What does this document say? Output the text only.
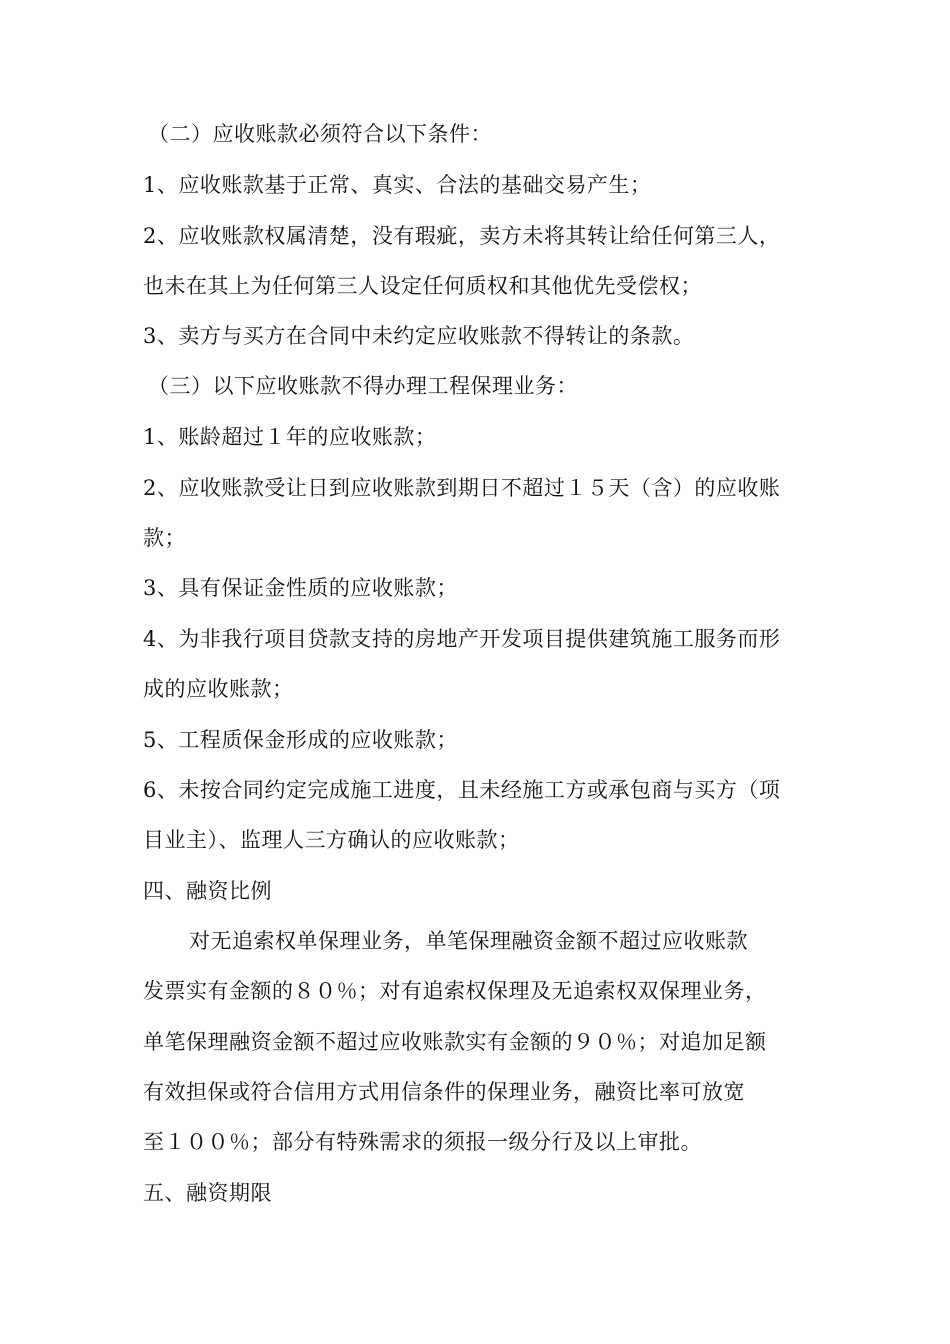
（二）应收账款必须符合以下条件：
1、应收账款基于正常、真实、合法的基础交易产生；
2、应收账款权属清楚，没有瑕疵，卖方未将其转让给任何第三人，
也未在其上为任何第三人设定任何质权和其他优先受偿权；
3、卖方与买方在合同中未约定应收账款不得转让的条款。
（三）以下应收账款不得办理工程保理业务：
1、账龄超过１年的应收账款；
2、应收账款受让日到应收账款到期日不超过１５天（含）的应收账
款；
3、具有保证金性质的应收账款；
4、为非我行项目贷款支持的房地产开发项目提供建筑施工服务而形
成的应收账款；
5、工程质保金形成的应收账款；
6、未按合同约定完成施工进度，且未经施工方或承包商与买方（项
目业主）、监理人三方确认的应收账款；
四、融资比例
对无追索权单保理业务，单笔保理融资金额不超过应收账款
发票实有金额的８０％；对有追索权保理及无追索权双保理业务，
单笔保理融资金额不超过应收账款实有金额的９０％；对追加足额
有效担保或符合信用方式用信条件的保理业务，融资比率可放宽
至１００％；部分有特殊需求的须报一级分行及以上审批。
五、融资期限
